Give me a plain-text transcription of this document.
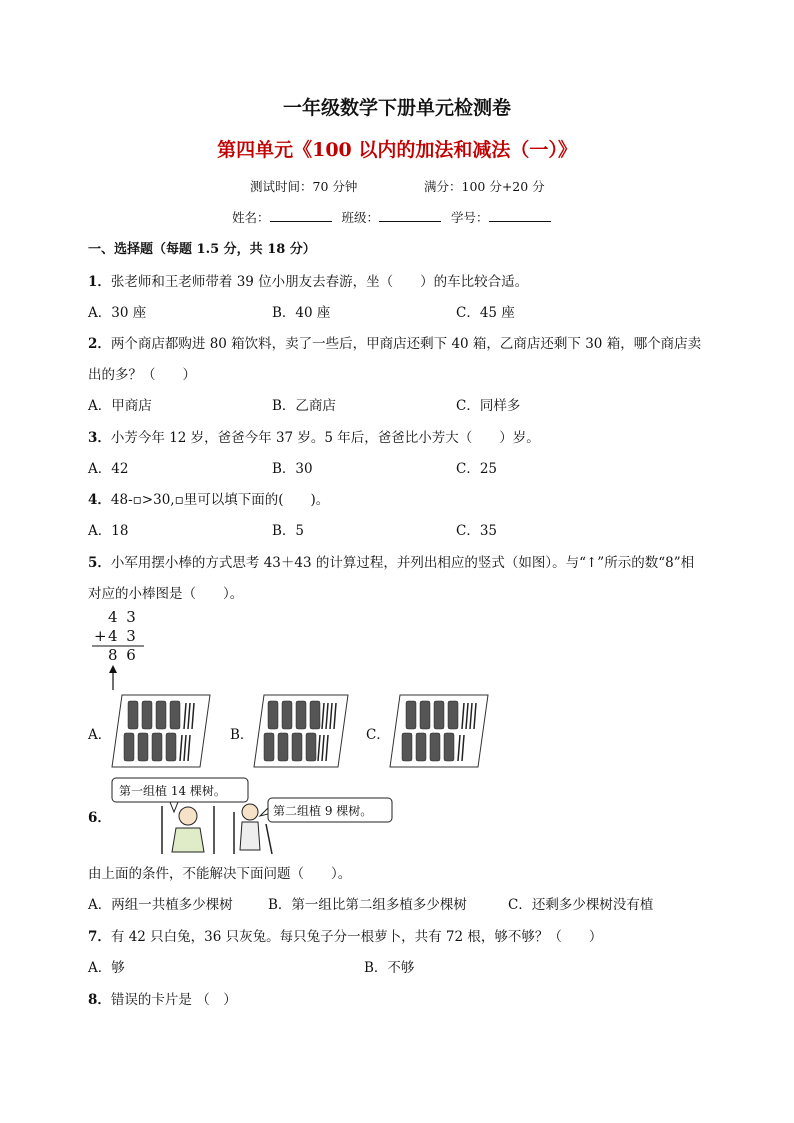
一年级数学下册单元检测卷
第四单元《100 以内的加法和减法（一）》
测试时间：70 分钟	满分：100 分+20 分
姓名：	班级：	学号：
一、选择题（每题 1.5 分，共 18 分）
1．张老师和王老师带着 39 位小朋友去春游，坐（　　）的车比较合适。
A．30 座	B．40 座	C．45 座
2．两个商店都购进 80 箱饮料，卖了一些后，甲商店还剩下 40 箱，乙商店还剩下 30 箱，哪个商店卖
出的多？（　　）
A．甲商店	B．乙商店	C．同样多
3．小芳今年 12 岁，爸爸今年 37 岁。5 年后，爸爸比小芳大（　　）岁。
A．42	B．30	C．25
4．48-▫>30,▫里可以填下面的(　　)。
A．18	B．5	C．35
5．小军用摆小棒的方式思考 43＋43 的计算过程，并列出相应的竖式（如图）。与“↑”所示的数“8”相
对应的小棒图是（　　）。
4 3
+ 4 3
8 6
A．	B．	C．
6．
第一组植 14 棵树。
第二组植 9 棵树。
由上面的条件，不能解决下面问题（　　）。
A．两组一共植多少棵树	B．第一组比第二组多植多少棵树	C．还剩多少棵树没有植
7．有 42 只白兔，36 只灰兔。每只兔子分一根萝卜，共有 72 根，够不够？（　　）
A．够	B．不够
8．错误的卡片是 （　）
